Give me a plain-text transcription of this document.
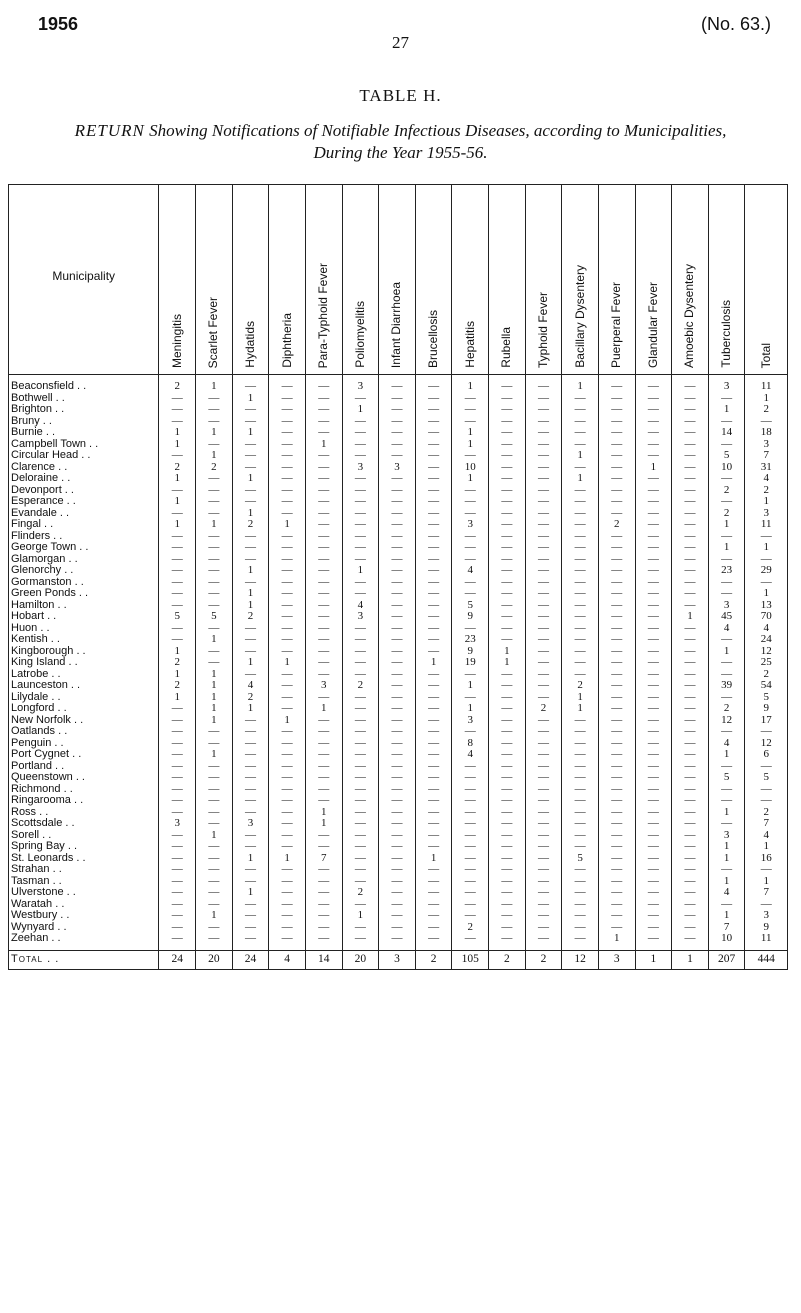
1956	(No. 63.)
27
TABLE H.
RETURN Showing Notifications of Notifiable Infectious Diseases, according to Municipalities,
During the Year 1955-56.
Municipality	Meningitis	Scarlet Fever	Hydatids	Diphtheria	Para-Typhoid Fever	Poliomyelitis	Infant Diarrhoea	Brucellosis	Hepatitis	Rubella	Typhoid Fever	Bacillary Dysentery	Puerperal Fever	Glandular Fever	Amoebic Dysentery	Tuberculosis	Total

Beaconsfield . .	2	1	—	—	—	3	—	—	1	—	—	1	—	—	—	3	11
Bothwell . .	—	—	1	—	—	—	—	—	—	—	—	—	—	—	—	—	1
Brighton . .	—	—	—	—	—	1	—	—	—	—	—	—	—	—	—	1	2
Bruny . .	—	—	—	—	—	—	—	—	—	—	—	—	—	—	—	—	—
Burnie . .	1	1	1	—	—	—	—	—	1	—	—	—	—	—	—	14	18
Campbell Town . .	1	—	—	—	1	—	—	—	1	—	—	—	—	—	—	—	3
Circular Head . .	—	1	—	—	—	—	—	—	—	—	—	1	—	—	—	5	7
Clarence . .	2	2	—	—	—	3	3	—	10	—	—	—	—	1	—	10	31
Deloraine . .	1	—	1	—	—	—	—	—	1	—	—	1	—	—	—	—	4
Devonport . .	—	—	—	—	—	—	—	—	—	—	—	—	—	—	—	2	2
Esperance . .	1	—	—	—	—	—	—	—	—	—	—	—	—	—	—	—	1
Evandale . .	—	—	1	—	—	—	—	—	—	—	—	—	—	—	—	2	3
Fingal . .	1	1	2	1	—	—	—	—	3	—	—	—	2	—	—	1	11
Flinders . .	—	—	—	—	—	—	—	—	—	—	—	—	—	—	—	—	—
George Town . .	—	—	—	—	—	—	—	—	—	—	—	—	—	—	—	1	1
Glamorgan . .	—	—	—	—	—	—	—	—	—	—	—	—	—	—	—	—	—
Glenorchy . .	—	—	1	—	—	1	—	—	4	—	—	—	—	—	—	23	29
Gormanston . .	—	—	—	—	—	—	—	—	—	—	—	—	—	—	—	—	—
Green Ponds . .	—	—	1	—	—	—	—	—	—	—	—	—	—	—	—	—	1
Hamilton . .	—	—	1	—	—	4	—	—	5	—	—	—	—	—	—	3	13
Hobart . .	5	5	2	—	—	3	—	—	9	—	—	—	—	—	1	45	70
Huon . .	—	—	—	—	—	—	—	—	—	—	—	—	—	—	—	4	4
Kentish . .	—	1	—	—	—	—	—	—	23	—	—	—	—	—	—	—	24
Kingborough . .	1	—	—	—	—	—	—	—	9	1	—	—	—	—	—	1	12
King Island . .	2	—	1	1	—	—	—	1	19	1	—	—	—	—	—	—	25
Latrobe . .	1	1	—	—	—	—	—	—	—	—	—	—	—	—	—	—	2
Launceston . .	2	1	4	—	3	2	—	—	1	—	—	2	—	—	—	39	54
Lilydale . .	1	1	2	—	—	—	—	—	—	—	—	1	—	—	—	—	5
Longford . .	—	1	1	—	1	—	—	—	1	—	2	1	—	—	—	2	9
New Norfolk . .	—	1	—	1	—	—	—	—	3	—	—	—	—	—	—	12	17
Oatlands . .	—	—	—	—	—	—	—	—	—	—	—	—	—	—	—	—	—
Penguin . .	—	—	—	—	—	—	—	—	8	—	—	—	—	—	—	4	12
Port Cygnet . .	—	1	—	—	—	—	—	—	4	—	—	—	—	—	—	1	6
Portland . .	—	—	—	—	—	—	—	—	—	—	—	—	—	—	—	—	—
Queenstown . .	—	—	—	—	—	—	—	—	—	—	—	—	—	—	—	5	5
Richmond . .	—	—	—	—	—	—	—	—	—	—	—	—	—	—	—	—	—
Ringarooma . .	—	—	—	—	—	—	—	—	—	—	—	—	—	—	—	—	—
Ross . .	—	—	—	—	1	—	—	—	—	—	—	—	—	—	—	1	2
Scottsdale . .	3	—	3	—	1	—	—	—	—	—	—	—	—	—	—	—	7
Sorell . .	—	1	—	—	—	—	—	—	—	—	—	—	—	—	—	3	4
Spring Bay . .	—	—	—	—	—	—	—	—	—	—	—	—	—	—	—	1	1
St. Leonards . .	—	—	1	1	7	—	—	1	—	—	—	5	—	—	—	1	16
Strahan . .	—	—	—	—	—	—	—	—	—	—	—	—	—	—	—	—	—
Tasman . .	—	—	—	—	—	—	—	—	—	—	—	—	—	—	—	1	1
Ulverstone . .	—	—	1	—	—	2	—	—	—	—	—	—	—	—	—	4	7
Waratah . .	—	—	—	—	—	—	—	—	—	—	—	—	—	—	—	—	—
Westbury . .	—	1	—	—	—	1	—	—	—	—	—	—	—	—	—	1	3
Wynyard . .	—	—	—	—	—	—	—	—	2	—	—	—	—	—	—	7	9
Zeehan . .	—	—	—	—	—	—	—	—	—	—	—	—	1	—	—	10	11
Total . .	24	20	24	4	14	20	3	2	105	2	2	12	3	1	1	207	444
